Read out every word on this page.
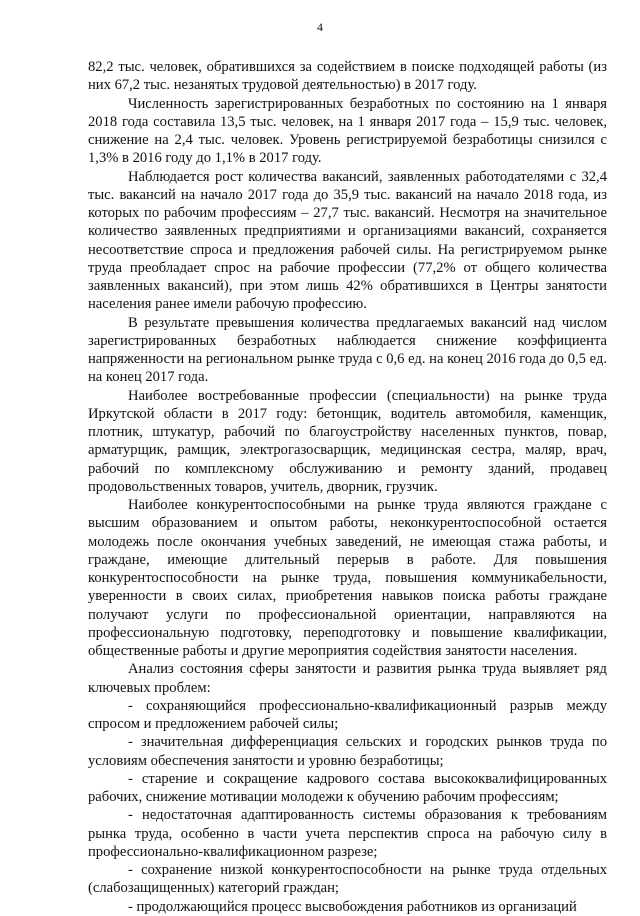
4

82,2 тыс. человек, обратившихся за содействием в поиске подходящей работы (из них 67,2 тыс. незанятых трудовой деятельностью) в 2017 году.

Численность зарегистрированных безработных по состоянию на 1 января 2018 года составила 13,5 тыс. человек, на 1 января 2017 года – 15,9 тыс. человек, снижение на 2,4 тыс. человек. Уровень регистрируемой безработицы снизился с 1,3% в 2016 году до 1,1% в 2017 году.

Наблюдается рост количества вакансий, заявленных работодателями с 32,4 тыс. вакансий на начало 2017 года до 35,9 тыс. вакансий на начало 2018 года, из которых по рабочим профессиям – 27,7 тыс. вакансий. Несмотря на значительное количество заявленных предприятиями и организациями вакансий, сохраняется несоответствие спроса и предложения рабочей силы. На регистрируемом рынке труда преобладает спрос на рабочие профессии (77,2% от общего количества заявленных вакансий), при этом лишь 42% обратившихся в Центры занятости населения ранее имели рабочую профессию.

В результате превышения количества предлагаемых вакансий над числом зарегистрированных безработных наблюдается снижение коэффициента напряженности на региональном рынке труда с 0,6 ед. на конец 2016 года до 0,5 ед. на конец 2017 года.

Наиболее востребованные профессии (специальности) на рынке труда Иркутской области в 2017 году: бетонщик, водитель автомобиля, каменщик, плотник, штукатур, рабочий по благоустройству населенных пунктов, повар, арматурщик, рамщик, электрогазосварщик, медицинская сестра, маляр, врач, рабочий по комплексному обслуживанию и ремонту зданий, продавец продовольственных товаров, учитель, дворник, грузчик.

Наиболее конкурентоспособными на рынке труда являются граждане с высшим образованием и опытом работы, неконкурентоспособной остается молодежь после окончания учебных заведений, не имеющая стажа работы, и граждане, имеющие длительный перерыв в работе. Для повышения конкурентоспособности на рынке труда, повышения коммуникабельности, уверенности в своих силах, приобретения навыков поиска работы граждане получают услуги по профессиональной ориентации, направляются на профессиональную подготовку, переподготовку и повышение квалификации, общественные работы и другие мероприятия содействия занятости населения.

Анализ состояния сферы занятости и развития рынка труда выявляет ряд ключевых проблем:

- сохраняющийся профессионально-квалификационный разрыв между спросом и предложением рабочей силы;

- значительная дифференциация сельских и городских рынков труда по условиям обеспечения занятости и уровню безработицы;

- старение и сокращение кадрового состава высококвалифицированных рабочих, снижение мотивации молодежи к обучению рабочим профессиям;

- недостаточная адаптированность системы образования к требованиям рынка труда, особенно в части учета перспектив спроса на рабочую силу в профессионально-квалификационном разрезе;

- сохранение низкой конкурентоспособности на рынке труда отдельных (слабозащищенных) категорий граждан;

- продолжающийся процесс высвобождения работников из организаций
